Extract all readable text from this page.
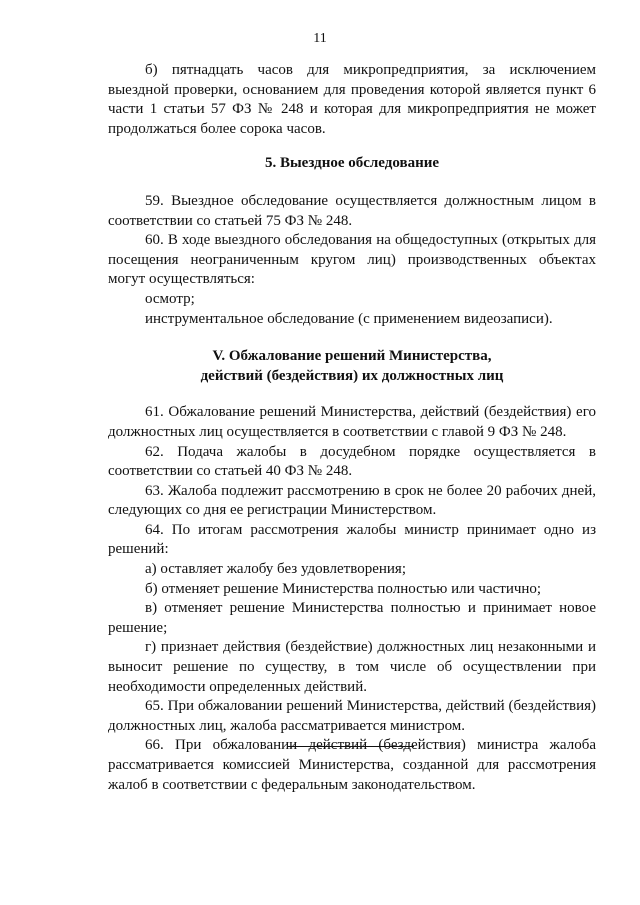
11

б) пятнадцать часов для микропредприятия, за исключением выездной проверки, основанием для проведения которой является пункт 6 части 1 статьи 57 ФЗ № 248 и которая для микропредприятия не может продолжаться более сорока часов.

5. Выездное обследование

59. Выездное обследование осуществляется должностным лицом в соответствии со статьей 75 ФЗ № 248.

60. В ходе выездного обследования на общедоступных (открытых для посещения неограниченным кругом лиц) производственных объектах могут осуществляться:

осмотр;

инструментальное обследование (с применением видеозаписи).

V. Обжалование решений Министерства,
действий (бездействия) их должностных лиц

61. Обжалование решений Министерства, действий (бездействия) его должностных лиц осуществляется в соответствии с главой 9 ФЗ № 248.

62. Подача жалобы в досудебном порядке осуществляется в соответствии со статьей 40 ФЗ № 248.

63. Жалоба подлежит рассмотрению в срок не более 20 рабочих дней, следующих со дня ее регистрации Министерством.

64. По итогам рассмотрения жалобы министр принимает одно из решений:

а) оставляет жалобу без удовлетворения;

б) отменяет решение Министерства полностью или частично;

в) отменяет решение Министерства полностью и принимает новое решение;

г) признает действия (бездействие) должностных лиц незаконными и выносит решение по существу, в том числе об осуществлении при необходимости определенных действий.

65. При обжаловании решений Министерства, действий (бездействия) должностных лиц, жалоба рассматривается министром.

66. При обжаловании действий (бездействия) министра жалоба рассматривается комиссией Министерства, созданной для рассмотрения жалоб в соответствии с федеральным законодательством.
